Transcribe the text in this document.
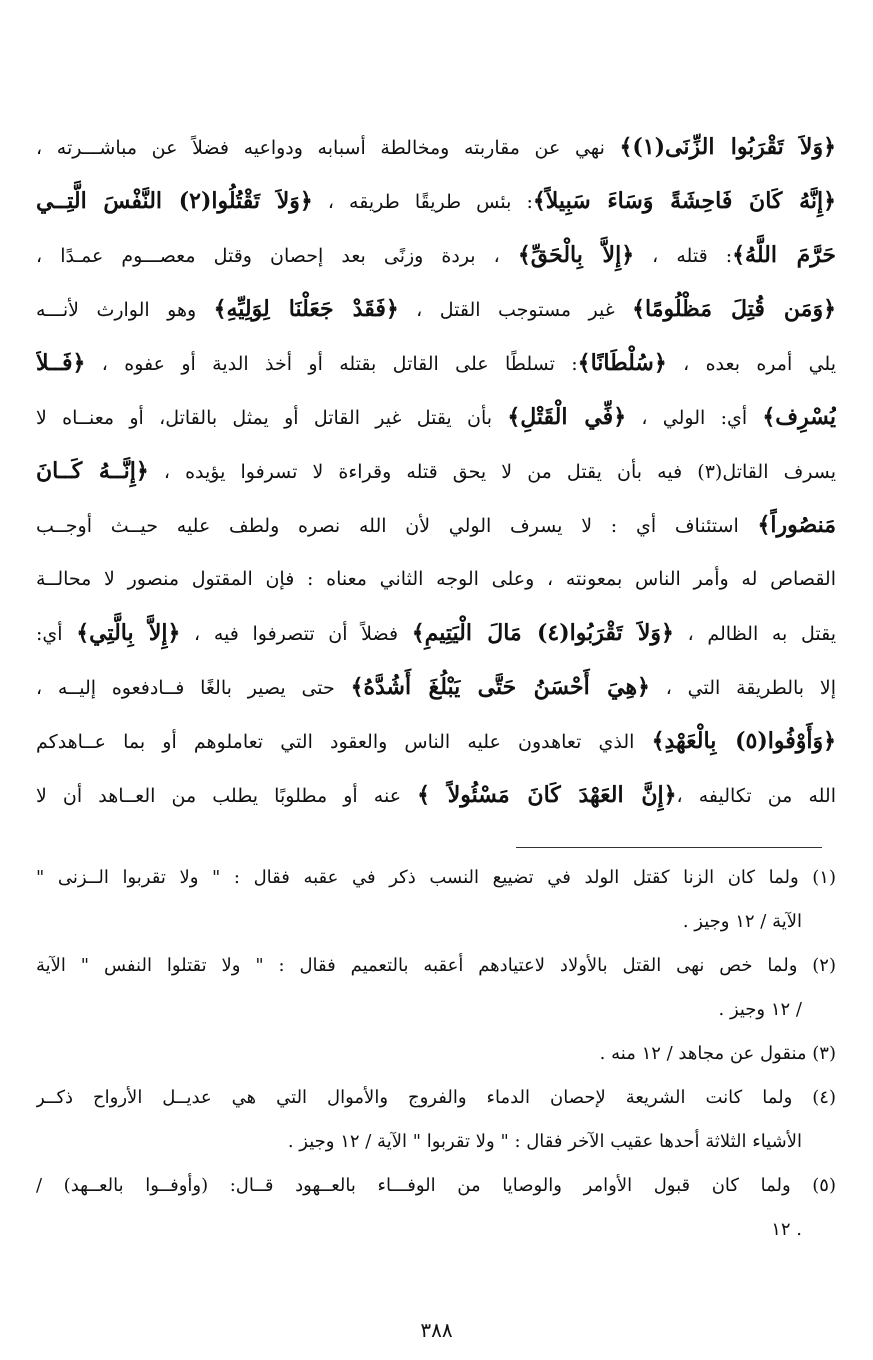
﴿وَلاَ تَقْرَبُوا الزِّنَى(١)﴾ نهي عن مقاربته ومخالطة أسبابه ودواعيه فضلاً عن مباشـــرته ،
﴿إِنَّهُ كَانَ فَاحِشَةً وَسَاءَ سَبِيلاً﴾: بئس طريقًا طريقه ، ﴿وَلاَ تَقْتُلُوا(٢) النَّفْسَ الَّتِــي
حَرَّمَ اللَّهُ﴾: قتله ، ﴿إِلاَّ بِالْحَقِّ﴾ ، بردة وزنًى بعد إحصان وقتل معصـــوم عمـدًا ،
﴿وَمَن قُتِلَ مَظْلُومًا﴾ غير مستوجب القتل ، ﴿فَقَدْ جَعَلْنَا لِوَلِيِّهِ﴾ وهو الوارث لأنـــه
يلي أمره بعده ، ﴿سُلْطَانًا﴾: تسلطًا على القاتل بقتله أو أخذ الدية أو عفوه ، ﴿فَــلاَ
يُسْرِف﴾ أي: الولي ، ﴿فِّي الْقَتْلِ﴾ بأن يقتل غير القاتل أو يمثل بالقاتل، أو معنــاه لا
يسرف القاتل(٣) فيه بأن يقتل من لا يحق قتله وقراءة لا تسرفوا يؤيده ، ﴿إِنَّــهُ كَــانَ
مَنصُوراً﴾ استئناف أي : لا يسرف الولي لأن الله نصره ولطف عليه حيــث أوجــب
القصاص له وأمر الناس بمعونته ، وعلى الوجه الثاني معناه : فإن المقتول منصور لا محالــة
يقتل به الظالم ، ﴿وَلاَ تَقْرَبُوا(٤) مَالَ الْيَتِيمِ﴾ فضلاً أن تتصرفوا فيه ، ﴿إِلاَّ بِالَّتِي﴾ أي:
إلا بالطريقة التي ، ﴿هِيَ أَحْسَنُ حَتَّى يَبْلُغَ أَشُدَّهُ﴾ حتى يصير بالغًا فــادفعوه إليــه ،
﴿وَأَوْفُوا(٥) بِالْعَهْدِ﴾ الذي تعاهدون عليه الناس والعقود التي تعاملوهم أو بما عــاهدكم
الله من تكاليفه ،﴿إِنَّ العَهْدَ كَانَ مَسْئُولاً ﴾ عنه أو مطلوبًا يطلب من العــاهد أن لا
(١) ولما كان الزنا كقتل الولد في تضييع النسب ذكر في عقبه فقال : " ولا تقربوا الــزنى "
الآية / ١٢ وجيز .
(٢) ولما خص نهى القتل بالأولاد لاعتيادهم أعقبه بالتعميم فقال : " ولا تقتلوا النفس " الآية
/ ١٢ وجيز .
(٣) منقول عن مجاهد / ١٢ منه .
(٤) ولما كانت الشريعة لإحصان الدماء والفروج والأموال التي هي عديــل الأرواح ذكــر
الأشياء الثلاثة أحدها عقيب الآخر فقال : " ولا تقربوا " الآية / ١٢ وجيز .
(٥) ولما كان قبول الأوامر والوصايا من الوفـــاء بالعــهود قــال: (وأوفــوا بالعــهد) /
. ١٢
٣٨٨
